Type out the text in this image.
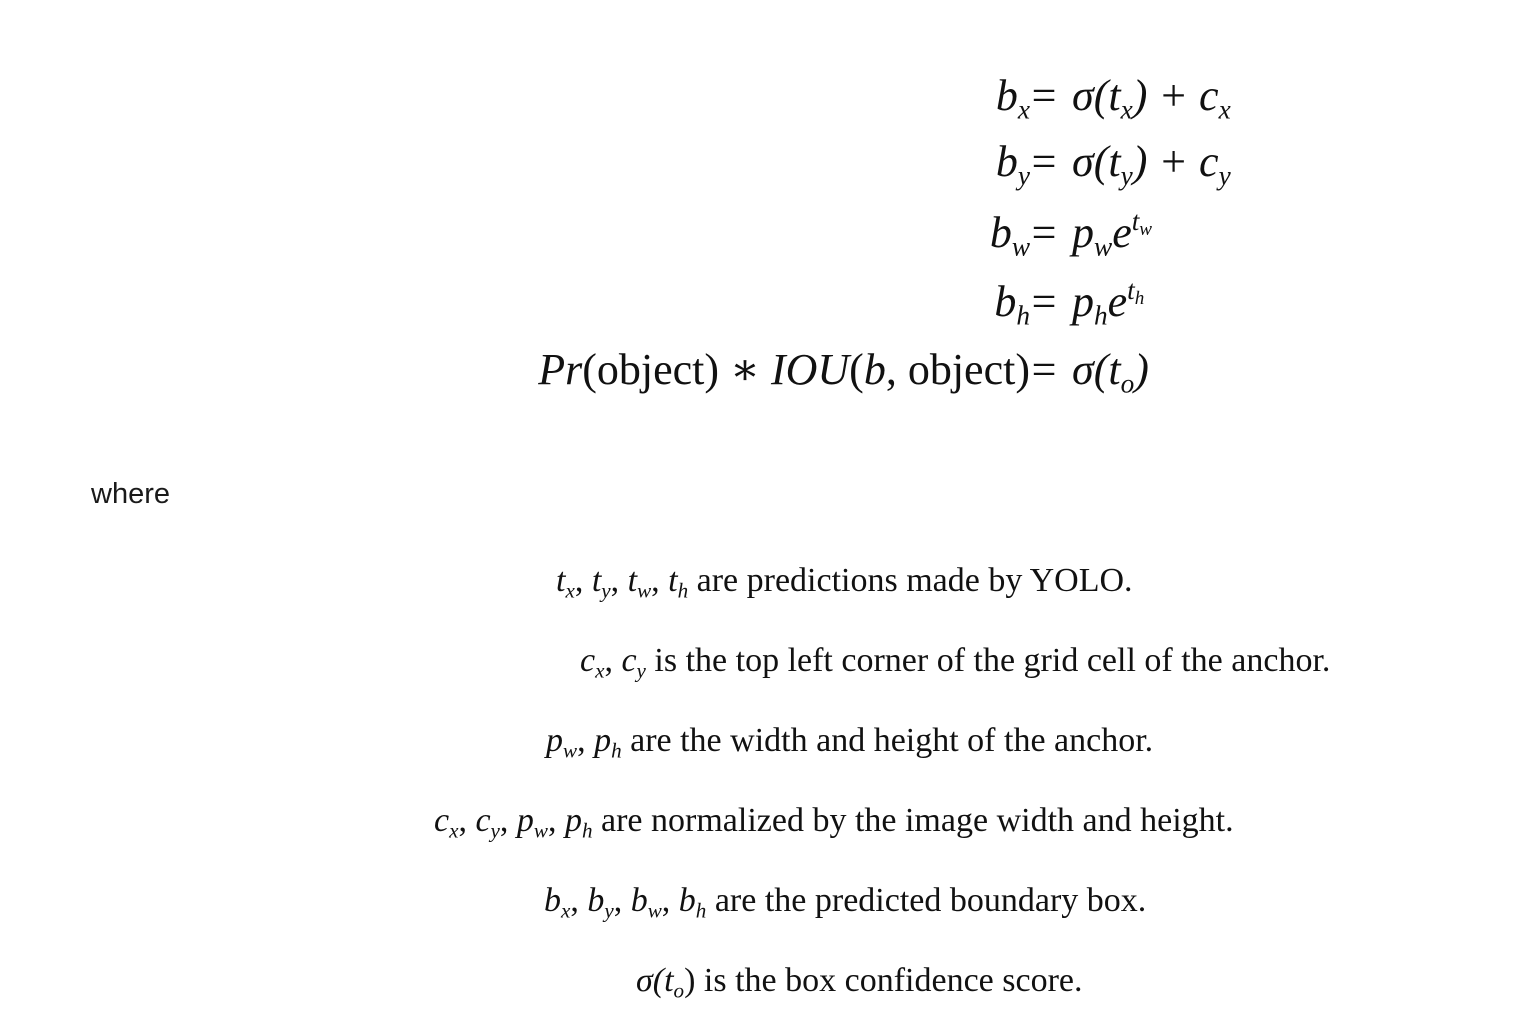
$b_x = \sigma(t_x) + c_x$
$b_y = \sigma(t_y) + c_y$
$b_w = p_we^{t_w}$
$b_h = p_he^{t_h}$
Pr(object) ∗ IOU(b, object) = $\sigma(t_o)$
where
$t_x$, $t_y$, $t_w$, $t_h$ are predictions made by YOLO.
$c_x$, $c_y$ is the top left corner of the grid cell of the anchor.
$p_w$, $p_h$ are the width and height of the anchor.
$c_x$, $c_y$, $p_w$, $p_h$ are normalized by the image width and height.
$b_x$, $b_y$, $b_w$, $b_h$ are the predicted boundary box.
$\sigma(t_o)$ is the box confidence score.
